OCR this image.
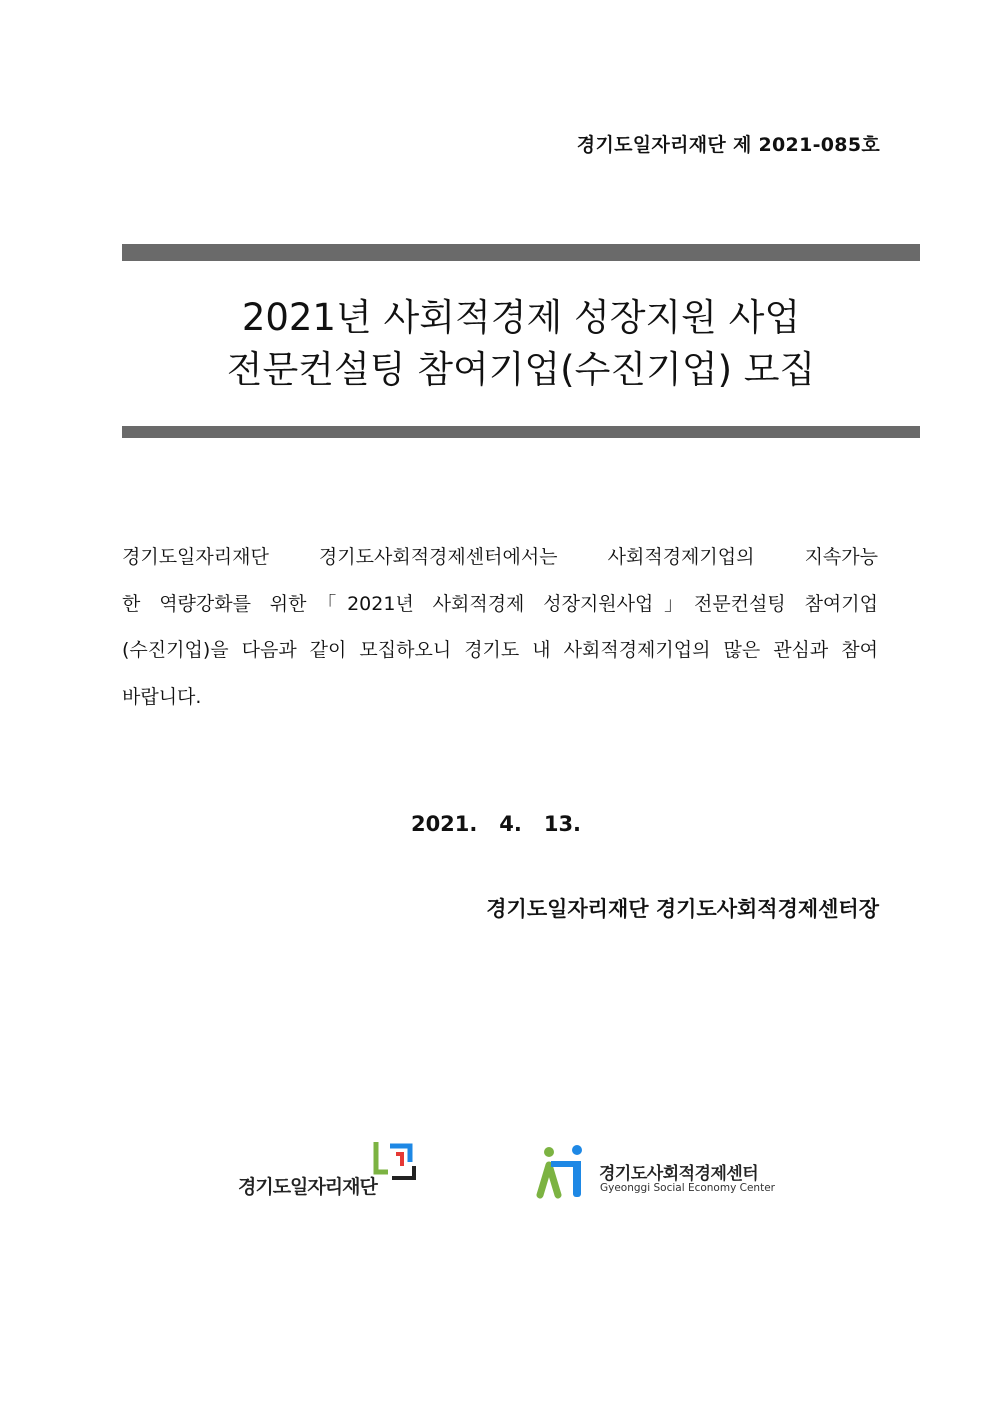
경기도일자리재단 제 2021-085호
2021년 사회적경제 성장지원 사업
전문컨설팅 참여기업(수진기업) 모집

경기도일자리재단 경기도사회적경제센터에서는 사회적경제기업의 지속가능
한 역량강화를 위한「2021년 사회적경제 성장지원사업」전문컨설팅 참여기업
(수진기업)을 다음과 같이 모집하오니 경기도 내 사회적경제기업의 많은 관심과 참여
바랍니다.

2021.   4.   13.
경기도일자리재단 경기도사회적경제센터장
경기도일자리재단
경기도사회적경제센터
Gyeonggi Social Economy Center
